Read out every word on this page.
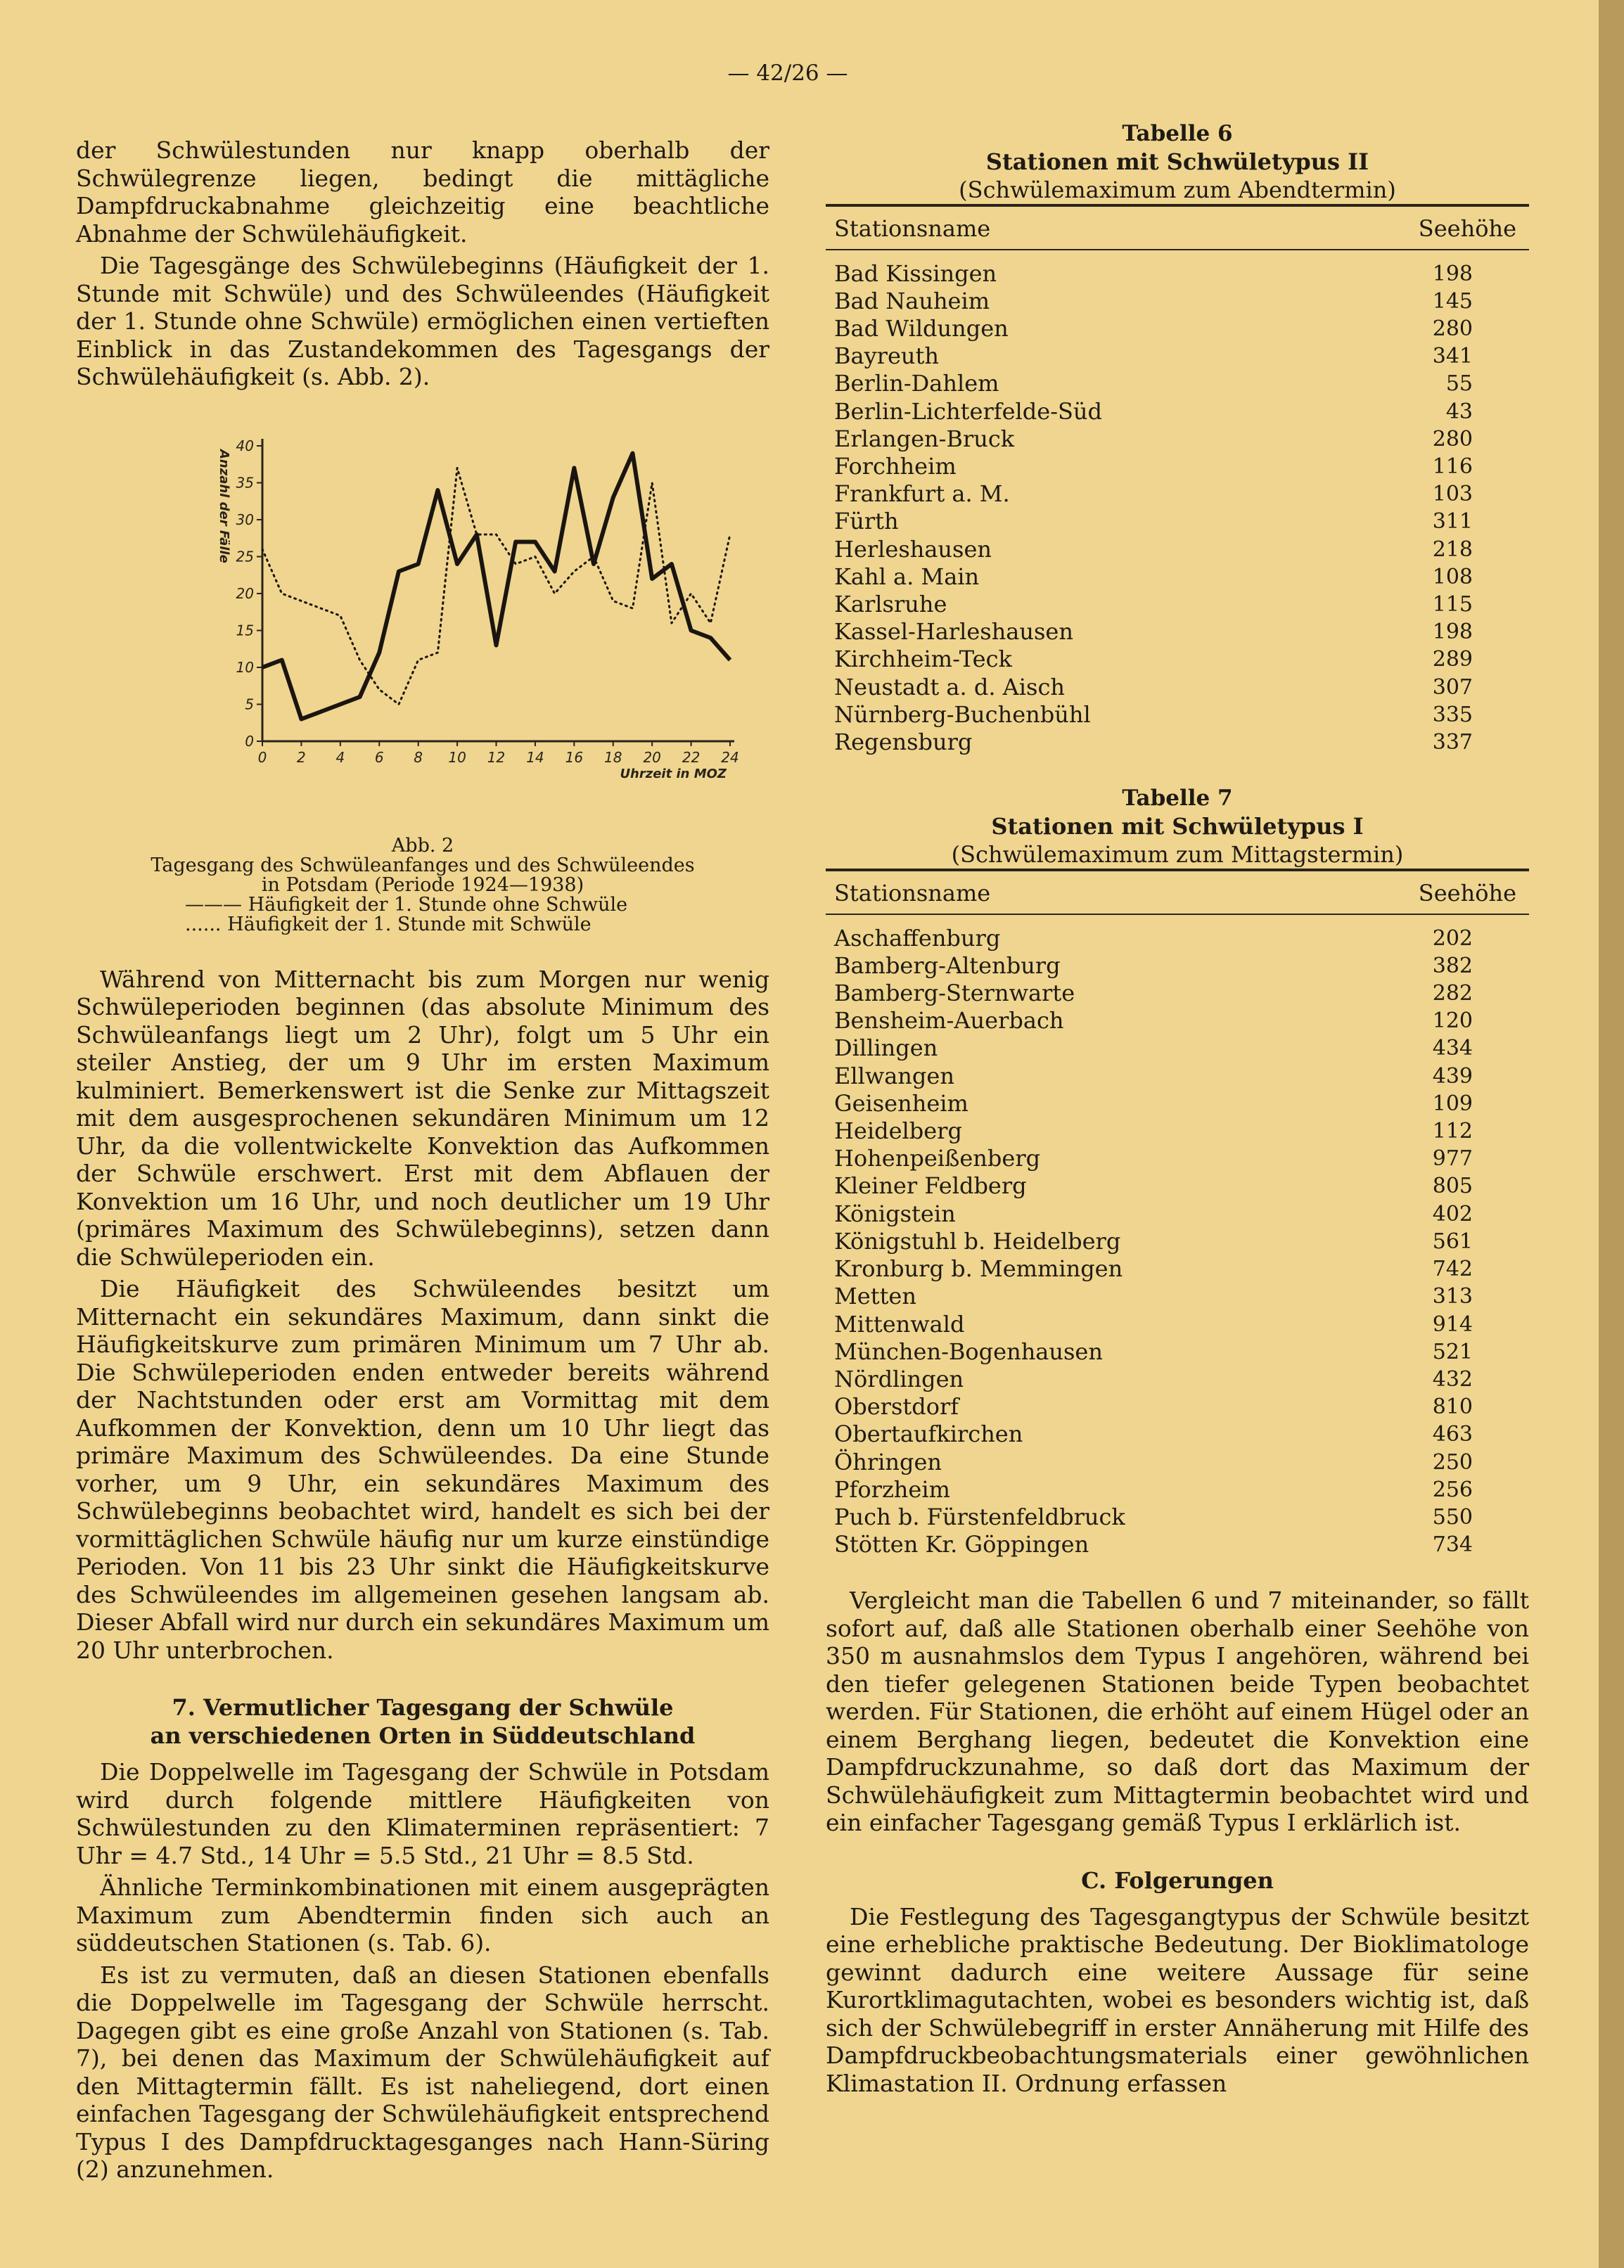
— 42/26 —

der Schwülestunden nur knapp oberhalb der Schwülegrenze liegen, bedingt die mittägliche Dampfdruckabnahme gleichzeitig eine beachtliche Abnahme der Schwülehäufigkeit.

Die Tagesgänge des Schwülebeginns (Häufigkeit der 1. Stunde mit Schwüle) und des Schwüleendes (Häufigkeit der 1. Stunde ohne Schwüle) ermöglichen einen vertieften Einblick in das Zustandekommen des Tagesgangs der Schwülehäufigkeit (s. Abb. 2).

0
5
10
15
20
25
30
35
40
0 2 4 6 8 10 12 14 16 18 20 22 24
Anzahl der Fälle
Uhrzeit in MOZ
Abb. 2
Tagesgang des Schwüleanfanges und des Schwüleendes
in Potsdam (Periode 1924—1938)
——— Häufigkeit der 1. Stunde ohne Schwüle
...... Häufigkeit der 1. Stunde mit Schwüle

Während von Mitternacht bis zum Morgen nur wenig Schwüleperioden beginnen (das absolute Minimum des Schwüleanfangs liegt um 2 Uhr), folgt um 5 Uhr ein steiler Anstieg, der um 9 Uhr im ersten Maximum kulminiert. Bemerkenswert ist die Senke zur Mittagszeit mit dem ausgesprochenen sekundären Minimum um 12 Uhr, da die vollentwickelte Konvektion das Aufkommen der Schwüle erschwert. Erst mit dem Abflauen der Konvektion um 16 Uhr, und noch deutlicher um 19 Uhr (primäres Maximum des Schwülebeginns), setzen dann die Schwüleperioden ein.

Die Häufigkeit des Schwüleendes besitzt um Mitternacht ein sekundäres Maximum, dann sinkt die Häufigkeitskurve zum primären Minimum um 7 Uhr ab. Die Schwüleperioden enden entweder bereits während der Nachtstunden oder erst am Vormittag mit dem Aufkommen der Konvektion, denn um 10 Uhr liegt das primäre Maximum des Schwüleendes. Da eine Stunde vorher, um 9 Uhr, ein sekundäres Maximum des Schwülebeginns beobachtet wird, handelt es sich bei der vormittäglichen Schwüle häufig nur um kurze einstündige Perioden. Von 11 bis 23 Uhr sinkt die Häufigkeitskurve des Schwüleendes im allgemeinen gesehen langsam ab. Dieser Abfall wird nur durch ein sekundäres Maximum um 20 Uhr unterbrochen.

7. Vermutlicher Tagesgang der Schwüle
an verschiedenen Orten in Süddeutschland

Die Doppelwelle im Tagesgang der Schwüle in Potsdam wird durch folgende mittlere Häufigkeiten von Schwülestunden zu den Klimaterminen repräsentiert: 7 Uhr = 4.7 Std., 14 Uhr = 5.5 Std., 21 Uhr = 8.5 Std.

Ähnliche Terminkombinationen mit einem ausgeprägten Maximum zum Abendtermin finden sich auch an süddeutschen Stationen (s. Tab. 6).

Es ist zu vermuten, daß an diesen Stationen ebenfalls die Doppelwelle im Tagesgang der Schwüle herrscht. Dagegen gibt es eine große Anzahl von Stationen (s. Tab. 7), bei denen das Maximum der Schwülehäufigkeit auf den Mittagtermin fällt. Es ist naheliegend, dort einen einfachen Tagesgang der Schwülehäufigkeit entsprechend Typus I des Dampfdrucktagesganges nach Hann-Süring (2) anzunehmen.

Tabelle 6
Stationen mit Schwületypus II
(Schwülemaximum zum Abendtermin)
Stationsname	Seehöhe
Bad Kissingen	198
Bad Nauheim	145
Bad Wildungen	280
Bayreuth	341
Berlin-Dahlem	55
Berlin-Lichterfelde-Süd	43
Erlangen-Bruck	280
Forchheim	116
Frankfurt a. M.	103
Fürth	311
Herleshausen	218
Kahl a. Main	108
Karlsruhe	115
Kassel-Harleshausen	198
Kirchheim-Teck	289
Neustadt a. d. Aisch	307
Nürnberg-Buchenbühl	335
Regensburg	337
Tabelle 7
Stationen mit Schwületypus I
(Schwülemaximum zum Mittagstermin)
Stationsname	Seehöhe
Aschaffenburg	202
Bamberg-Altenburg	382
Bamberg-Sternwarte	282
Bensheim-Auerbach	120
Dillingen	434
Ellwangen	439
Geisenheim	109
Heidelberg	112
Hohenpeißenberg	977
Kleiner Feldberg	805
Königstein	402
Königstuhl b. Heidelberg	561
Kronburg b. Memmingen	742
Metten	313
Mittenwald	914
München-Bogenhausen	521
Nördlingen	432
Oberstdorf	810
Obertaufkirchen	463
Öhringen	250
Pforzheim	256
Puch b. Fürstenfeldbruck	550
Stötten Kr. Göppingen	734

Vergleicht man die Tabellen 6 und 7 miteinander, so fällt sofort auf, daß alle Stationen oberhalb einer Seehöhe von 350 m ausnahmslos dem Typus I angehören, während bei den tiefer gelegenen Stationen beide Typen beobachtet werden. Für Stationen, die erhöht auf einem Hügel oder an einem Berghang liegen, bedeutet die Konvektion eine Dampfdruckzunahme, so daß dort das Maximum der Schwülehäufigkeit zum Mittagtermin beobachtet wird und ein einfacher Tagesgang gemäß Typus I erklärlich ist.

C. Folgerungen

Die Festlegung des Tagesgangtypus der Schwüle besitzt eine erhebliche praktische Bedeutung. Der Bioklimatologe gewinnt dadurch eine weitere Aussage für seine Kurortklimagutachten, wobei es besonders wichtig ist, daß sich der Schwülebegriff in erster Annäherung mit Hilfe des Dampfdruckbeobachtungsmaterials einer gewöhnlichen Klimastation II. Ordnung erfassen
